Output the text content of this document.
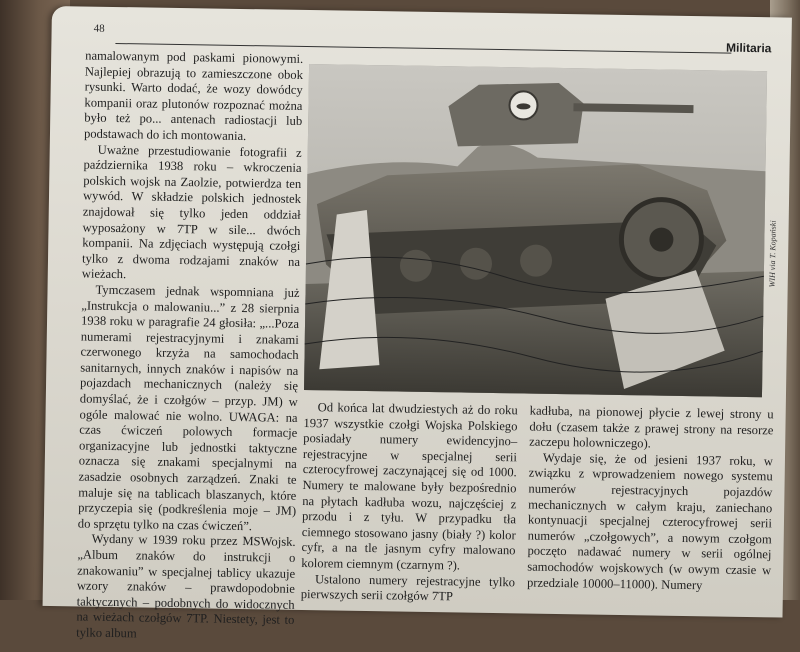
48
Militaria

namalowanym pod paskami pionowymi. Najlepiej obrazują to zamieszczone obok rysunki. Warto dodać, że wozy dowódcy kompanii oraz plutonów rozpoznać można było też po... antenach radiostacji lub podstawach do ich montowania.

Uważne przestudiowanie fotografii z października 1938 roku – wkroczenia polskich wojsk na Zaolzie, potwierdza ten wywód. W składzie polskich jednostek znajdował się tylko jeden oddział wyposażony w 7TP w sile... dwóch kompanii. Na zdjęciach występują czołgi tylko z dwoma rodzajami znaków na wieżach.

Tymczasem jednak wspomniana już „Instrukcja o malowaniu...” z 28 sierpnia 1938 roku w paragrafie 24 głosiła: „...Poza numerami rejestracyjnymi i znakami czerwonego krzyża na samochodach sanitarnych, innych znaków i napisów na pojazdach mechanicznych (należy się domyślać, że i czołgów – przyp. JM) w ogóle malować nie wolno. UWAGA: na czas ćwiczeń polowych formacje organizacyjne lub jednostki taktyczne oznacza się znakami specjalnymi na zasadzie osobnych zarządzeń. Znaki te maluje się na tablicach blaszanych, które przyczepia się (podkreślenia moje – JM) do sprzętu tylko na czas ćwiczeń”.

Wydany w 1939 roku przez MSWojsk. „Album znaków do instrukcji o znakowaniu” w specjalnej tablicy ukazuje wzory znaków – prawdopodobnie taktycznych – podobnych do widocznych na wieżach czołgów 7TP. Niestety, jest to tylko album

WIH via T. Kopański

Od końca lat dwudziestych aż do roku 1937 wszystkie czołgi Wojska Polskiego posiadały numery ewidencyjno–rejestracyjne w specjalnej serii czterocyfrowej zaczynającej się od 1000. Numery te malowane były bezpośrednio na płytach kadłuba wozu, najczęściej z przodu i z tyłu. W przypadku tła ciemnego stosowano jasny (biały ?) kolor cyfr, a na tle jasnym cyfry malowano kolorem ciemnym (czarnym ?).

Ustalono numery rejestracyjne tylko pierwszych serii czołgów 7TP

kadłuba, na pionowej płycie z lewej strony u dołu (czasem także z prawej strony na resorze zaczepu holowniczego).

Wydaje się, że od jesieni 1937 roku, w związku z wprowadzeniem nowego systemu numerów rejestracyjnych pojazdów mechanicznych w całym kraju, zaniechano kontynuacji specjalnej czterocyfrowej serii numerów „czołgowych”, a nowym czołgom poczęto nadawać numery w serii ogólnej samochodów wojskowych (w owym czasie w przedziale 10000–11000). Numery
